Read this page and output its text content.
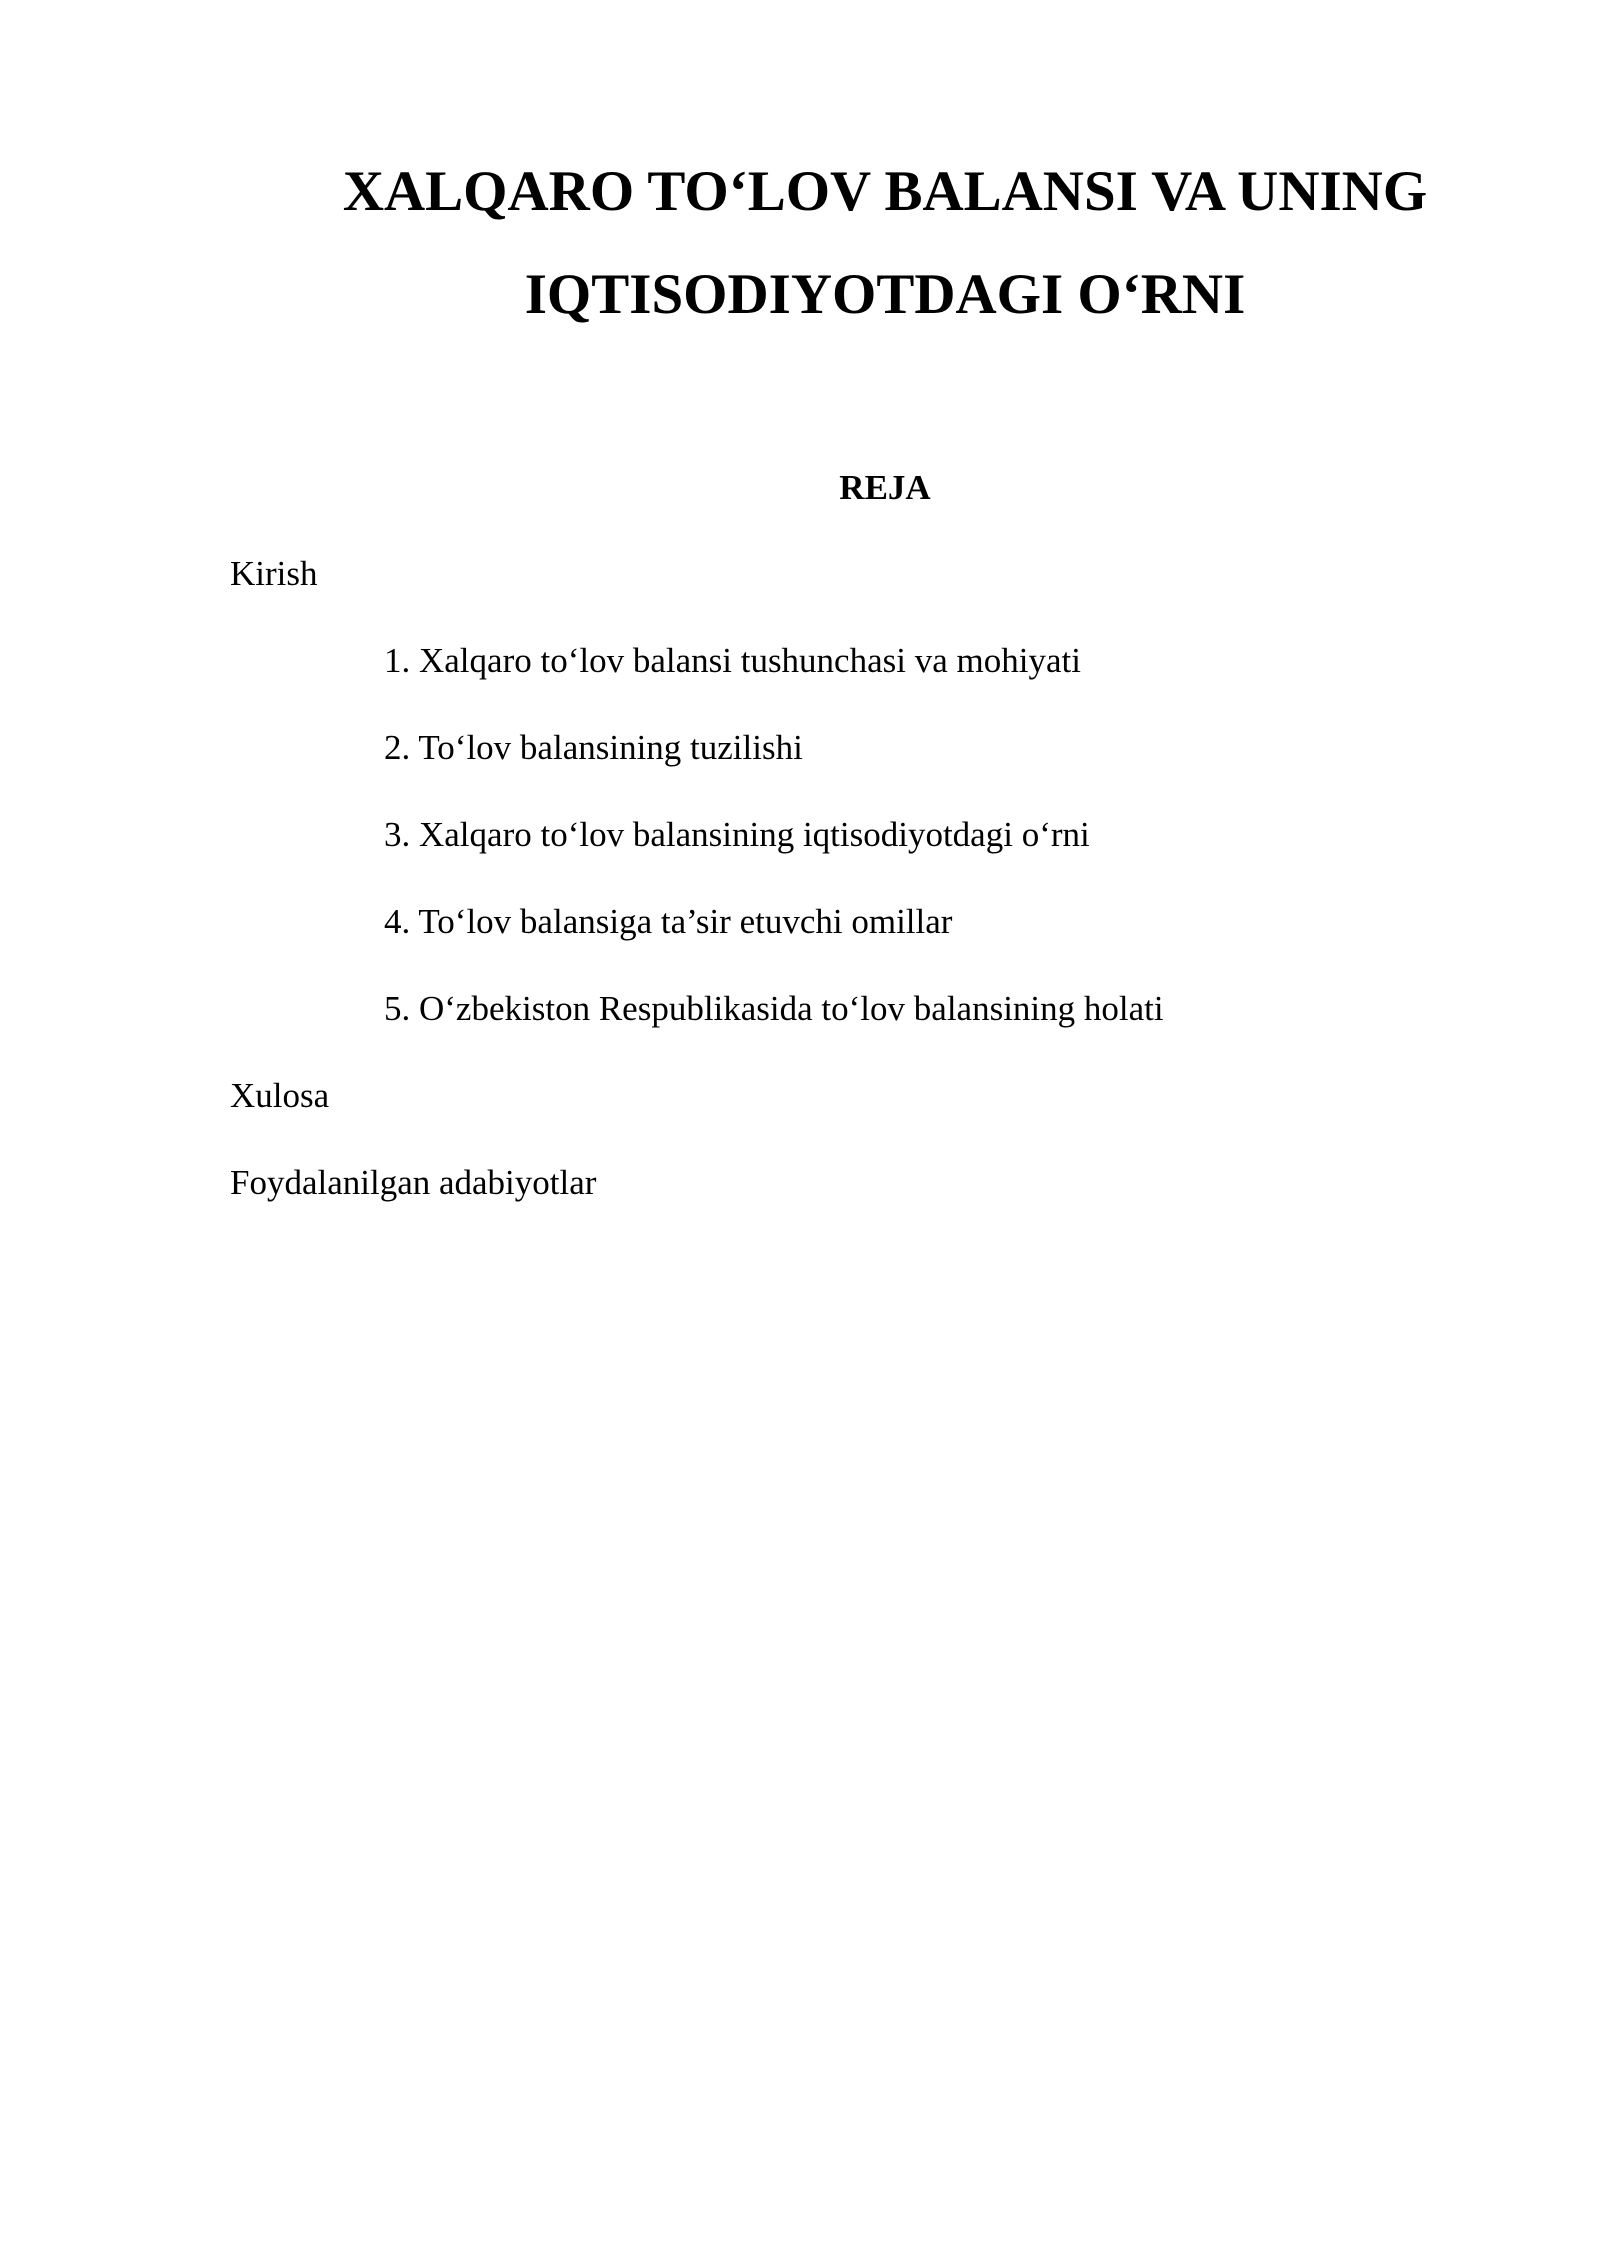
XALQARO TO‘LOV BALANSI VA UNING
IQTISODIYOTDAGI O‘RNI
REJA

Kirish

1. Xalqaro to‘lov balansi tushunchasi va mohiyati

2. To‘lov balansining tuzilishi

3. Xalqaro to‘lov balansining iqtisodiyotdagi o‘rni

4. To‘lov balansiga ta’sir etuvchi omillar

5. O‘zbekiston Respublikasida to‘lov balansining holati

Xulosa

Foydalanilgan adabiyotlar
